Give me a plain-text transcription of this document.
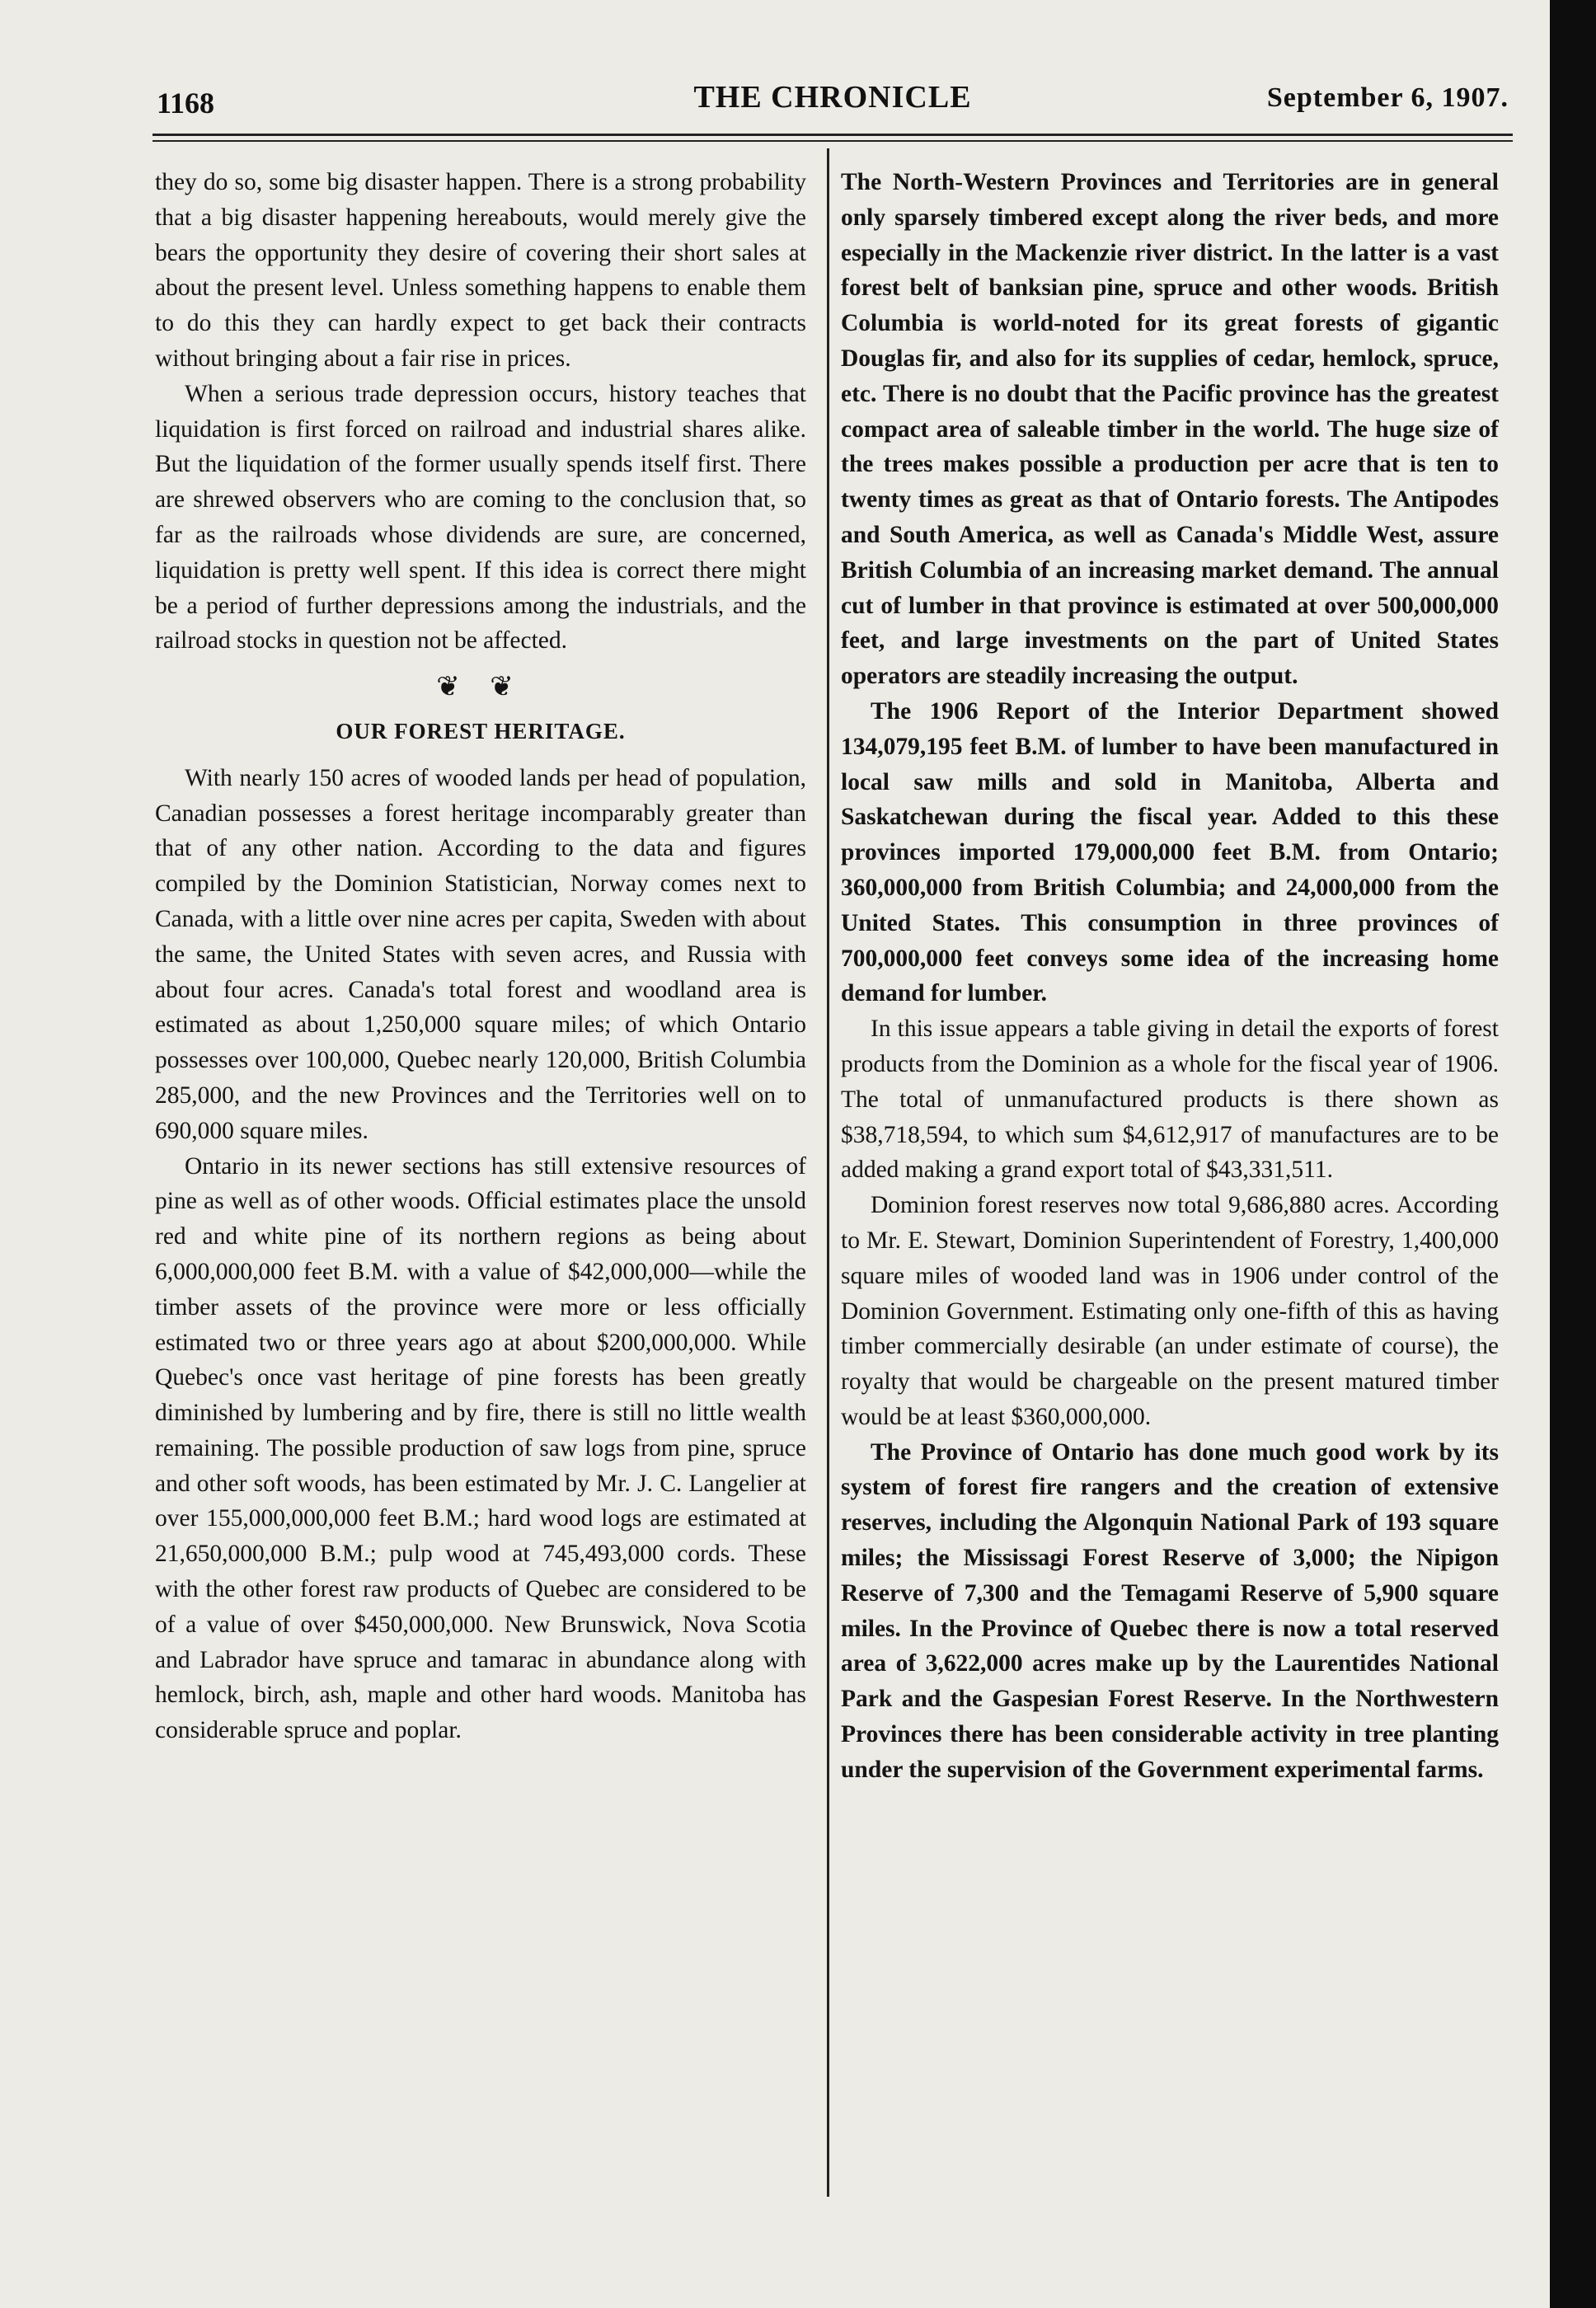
1168	THE CHRONICLE	September 6, 1907.

they do so, some big disaster happen. There is a strong probability that a big disaster happening hereabouts, would merely give the bears the opportunity they desire of covering their short sales at about the present level. Unless something happens to enable them to do this they can hardly expect to get back their contracts without bringing about a fair rise in prices.

When a serious trade depression occurs, history teaches that liquidation is first forced on railroad and industrial shares alike. But the liquidation of the former usually spends itself first. There are shrewed observers who are coming to the conclusion that, so far as the railroads whose dividends are sure, are concerned, liquidation is pretty well spent. If this idea is correct there might be a period of further depressions among the industrials, and the railroad stocks in question not be affected.

❦ ❦
OUR FOREST HERITAGE.

With nearly 150 acres of wooded lands per head of population, Canadian possesses a forest heritage incomparably greater than that of any other nation. According to the data and figures compiled by the Dominion Statistician, Norway comes next to Canada, with a little over nine acres per capita, Sweden with about the same, the United States with seven acres, and Russia with about four acres. Canada's total forest and woodland area is estimated as about 1,250,000 square miles; of which Ontario possesses over 100,000, Quebec nearly 120,000, British Columbia 285,000, and the new Provinces and the Territories well on to 690,000 square miles.

Ontario in its newer sections has still extensive resources of pine as well as of other woods. Official estimates place the unsold red and white pine of its northern regions as being about 6,000,000,000 feet B.M. with a value of $42,000,000—while the timber assets of the province were more or less officially estimated two or three years ago at about $200,000,000. While Quebec's once vast heritage of pine forests has been greatly diminished by lumbering and by fire, there is still no little wealth remaining. The possible production of saw logs from pine, spruce and other soft woods, has been estimated by Mr. J. C. Langelier at over 155,000,000,000 feet B.M.; hard wood logs are estimated at 21,650,000,000 B.M.; pulp wood at 745,493,000 cords. These with the other forest raw products of Quebec are considered to be of a value of over $450,000,000. New Brunswick, Nova Scotia and Labrador have spruce and tamarac in abundance along with hemlock, birch, ash, maple and other hard woods. Manitoba has considerable spruce and poplar.

The North-Western Provinces and Territories are in general only sparsely timbered except along the river beds, and more especially in the Mackenzie river district. In the latter is a vast forest belt of banksian pine, spruce and other woods. British Columbia is world-noted for its great forests of gigantic Douglas fir, and also for its supplies of cedar, hemlock, spruce, etc. There is no doubt that the Pacific province has the greatest compact area of saleable timber in the world. The huge size of the trees makes possible a production per acre that is ten to twenty times as great as that of Ontario forests. The Antipodes and South America, as well as Canada's Middle West, assure British Columbia of an increasing market demand. The annual cut of lumber in that province is estimated at over 500,000,000 feet, and large investments on the part of United States operators are steadily increasing the output.

The 1906 Report of the Interior Department showed 134,079,195 feet B.M. of lumber to have been manufactured in local saw mills and sold in Manitoba, Alberta and Saskatchewan during the fiscal year. Added to this these provinces imported 179,000,000 feet B.M. from Ontario; 360,000,000 from British Columbia; and 24,000,000 from the United States. This consumption in three provinces of 700,000,000 feet conveys some idea of the increasing home demand for lumber.

In this issue appears a table giving in detail the exports of forest products from the Dominion as a whole for the fiscal year of 1906. The total of unmanufactured products is there shown as $38,718,594, to which sum $4,612,917 of manufactures are to be added making a grand export total of $43,331,511.

Dominion forest reserves now total 9,686,880 acres. According to Mr. E. Stewart, Dominion Superintendent of Forestry, 1,400,000 square miles of wooded land was in 1906 under control of the Dominion Government. Estimating only one-fifth of this as having timber commercially desirable (an under estimate of course), the royalty that would be chargeable on the present matured timber would be at least $360,000,000.

The Province of Ontario has done much good work by its system of forest fire rangers and the creation of extensive reserves, including the Algonquin National Park of 193 square miles; the Mississagi Forest Reserve of 3,000; the Nipigon Reserve of 7,300 and the Temagami Reserve of 5,900 square miles. In the Province of Quebec there is now a total reserved area of 3,622,000 acres make up by the Laurentides National Park and the Gaspesian Forest Reserve. In the Northwestern Provinces there has been considerable activity in tree planting under the supervision of the Government experimental farms.
